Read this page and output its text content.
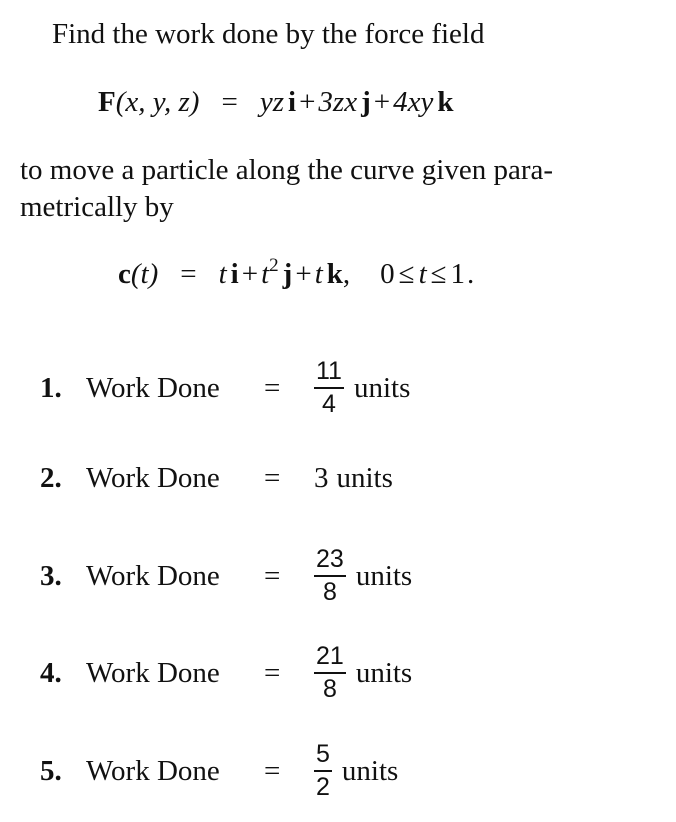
Find the work done by the force field
F (x, y, z) = yz i + 3zx j + 4xy k
to move a particle along the curve given para-
metrically by
c (t) = t i + t 2 j + t k , 0 ≤ t ≤ 1 .
1. Work Done	=	$\frac{11}{4}$ units
2. Work Done	=	3 units
3. Work Done	=	$\frac{23}{8}$ units
4. Work Done	=	$\frac{21}{8}$ units
5. Work Done	=	$\frac{5}{2}$ units
